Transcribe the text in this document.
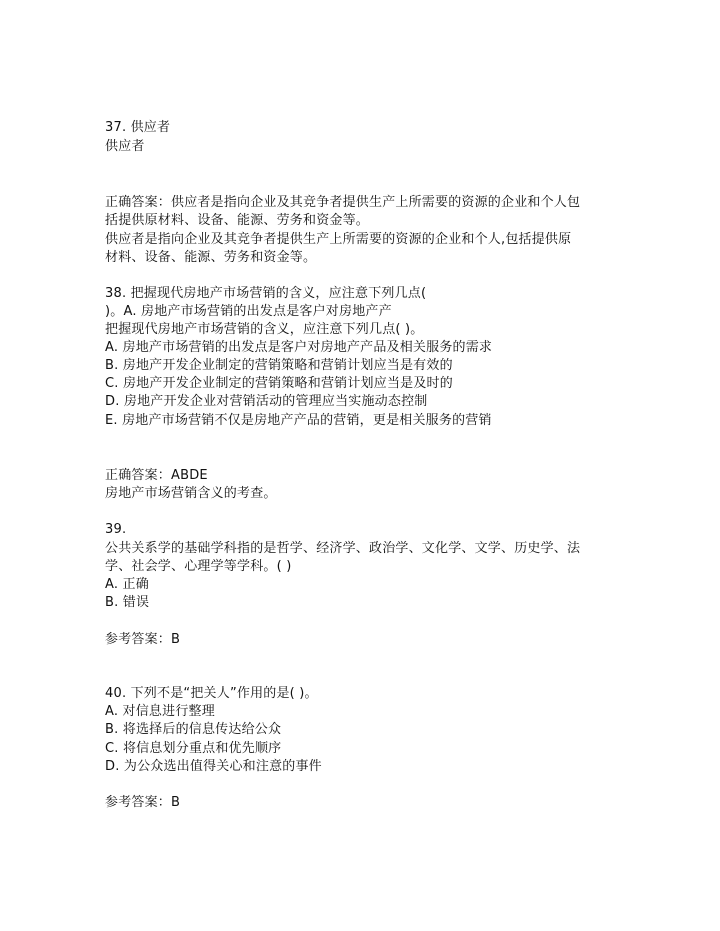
37. 供应者
供应者
正确答案：供应者是指向企业及其竞争者提供生产上所需要的资源的企业和个人包
括提供原材料、设备、能源、劳务和资金等。
供应者是指向企业及其竞争者提供生产上所需要的资源的企业和个人,包括提供原
材料、设备、能源、劳务和资金等。
38. 把握现代房地产市场营销的含义，应注意下列几点(
)。A. 房地产市场营销的出发点是客户对房地产产
把握现代房地产市场营销的含义，应注意下列几点( )。
A. 房地产市场营销的出发点是客户对房地产产品及相关服务的需求
B. 房地产开发企业制定的营销策略和营销计划应当是有效的
C. 房地产开发企业制定的营销策略和营销计划应当是及时的
D. 房地产开发企业对营销活动的管理应当实施动态控制
E. 房地产市场营销不仅是房地产产品的营销，更是相关服务的营销
正确答案：ABDE
房地产市场营销含义的考查。
39.
公共关系学的基础学科指的是哲学、经济学、政治学、文化学、文学、历史学、法
学、社会学、心理学等学科。( )
A. 正确
B. 错误
参考答案：B
40. 下列不是“把关人”作用的是( )。
A. 对信息进行整理
B. 将选择后的信息传达给公众
C. 将信息划分重点和优先顺序
D. 为公众选出值得关心和注意的事件
参考答案：B
